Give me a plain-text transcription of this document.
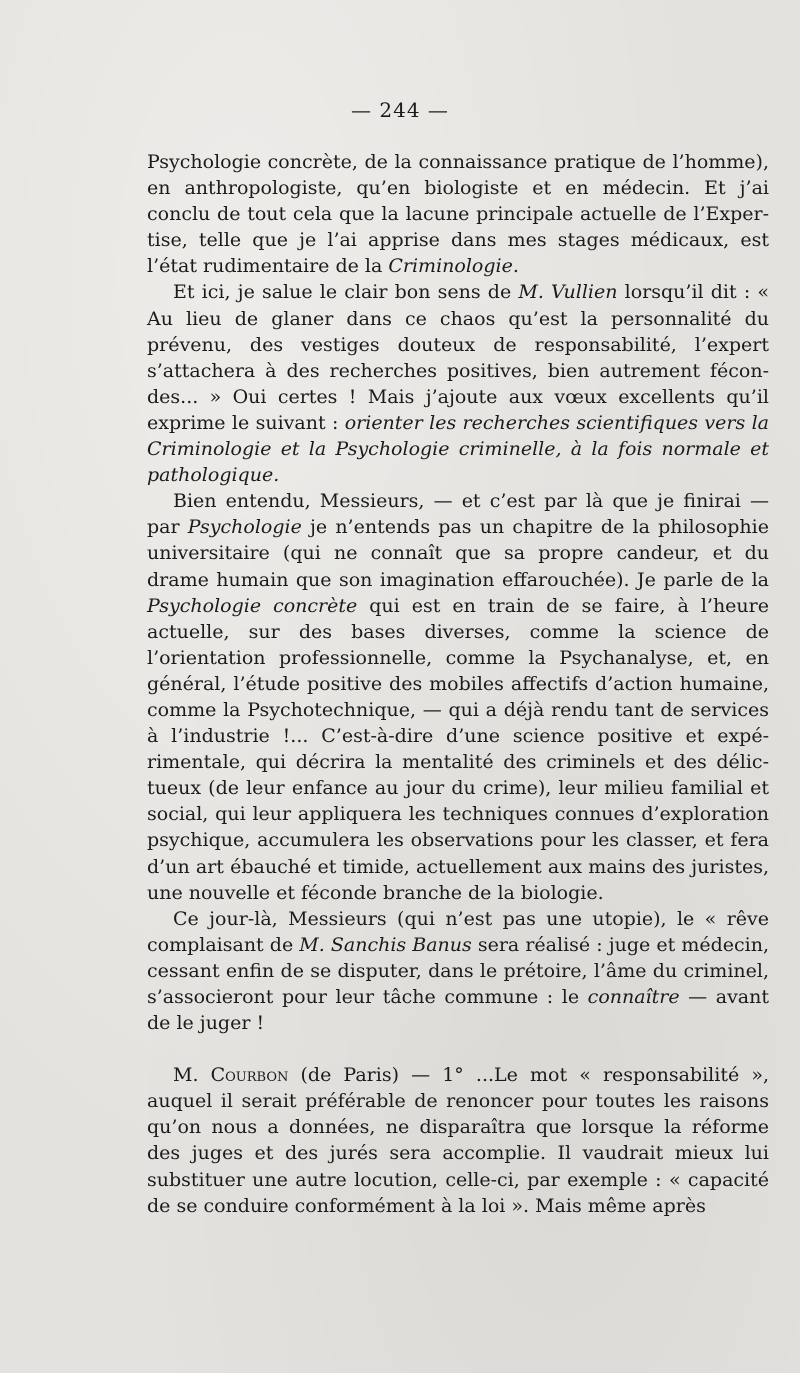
— 244 —

Psychologie concrète, de la connaissance pratique de l’homme), en anthropologiste, qu’en biologiste et en médecin. Et j’ai conclu de tout cela que la lacune principale actuelle de l’Expertise, telle que je l’ai apprise dans mes stages médicaux, est l’état rudimentaire de la Criminologie.

Et ici, je salue le clair bon sens de M. Vullien lorsqu’il dit : « Au lieu de glaner dans ce chaos qu’est la personnalité du prévenu, des vestiges douteux de responsabilité, l’expert s’attachera à des recherches positives, bien autrement fécondes... » Oui certes ! Mais j’ajoute aux vœux excellents qu’il exprime le suivant : orienter les recherches scientifiques vers la Criminologie et la Psychologie criminelle, à la fois normale et pathologique.

Bien entendu, Messieurs, — et c’est par là que je finirai — par Psychologie je n’entends pas un chapitre de la philosophie universitaire (qui ne connaît que sa propre candeur, et du drame humain que son imagination effarouchée). Je parle de la Psychologie concrète qui est en train de se faire, à l’heure actuelle, sur des bases diverses, comme la science de l’orientation professionnelle, comme la Psychanalyse, et, en général, l’étude positive des mobiles affectifs d’action humaine, comme la Psychotechnique, — qui a déjà rendu tant de services à l’industrie !... C’est-à-dire d’une science positive et expérimentale, qui décrira la mentalité des criminels et des délictueux (de leur enfance au jour du crime), leur milieu familial et social, qui leur appliquera les techniques connues d’exploration psychique, accumulera les observations pour les classer, et fera d’un art ébauché et timide, actuellement aux mains des juristes, une nouvelle et féconde branche de la biologie.

Ce jour-là, Messieurs (qui n’est pas une utopie), le « rêve complaisant de M. Sanchis Banus sera réalisé : juge et médecin, cessant enfin de se disputer, dans le prétoire, l’âme du criminel, s’associeront pour leur tâche commune : le connaître — avant de le juger !

M. Courbon (de Paris) — 1° ...Le mot « responsabilité », auquel il serait préférable de renoncer pour toutes les raisons qu’on nous a données, ne disparaîtra que lorsque la réforme des juges et des jurés sera accomplie. Il vaudrait mieux lui substituer une autre locution, celle-ci, par exemple : « capacité de se conduire conformément à la loi ». Mais même après
